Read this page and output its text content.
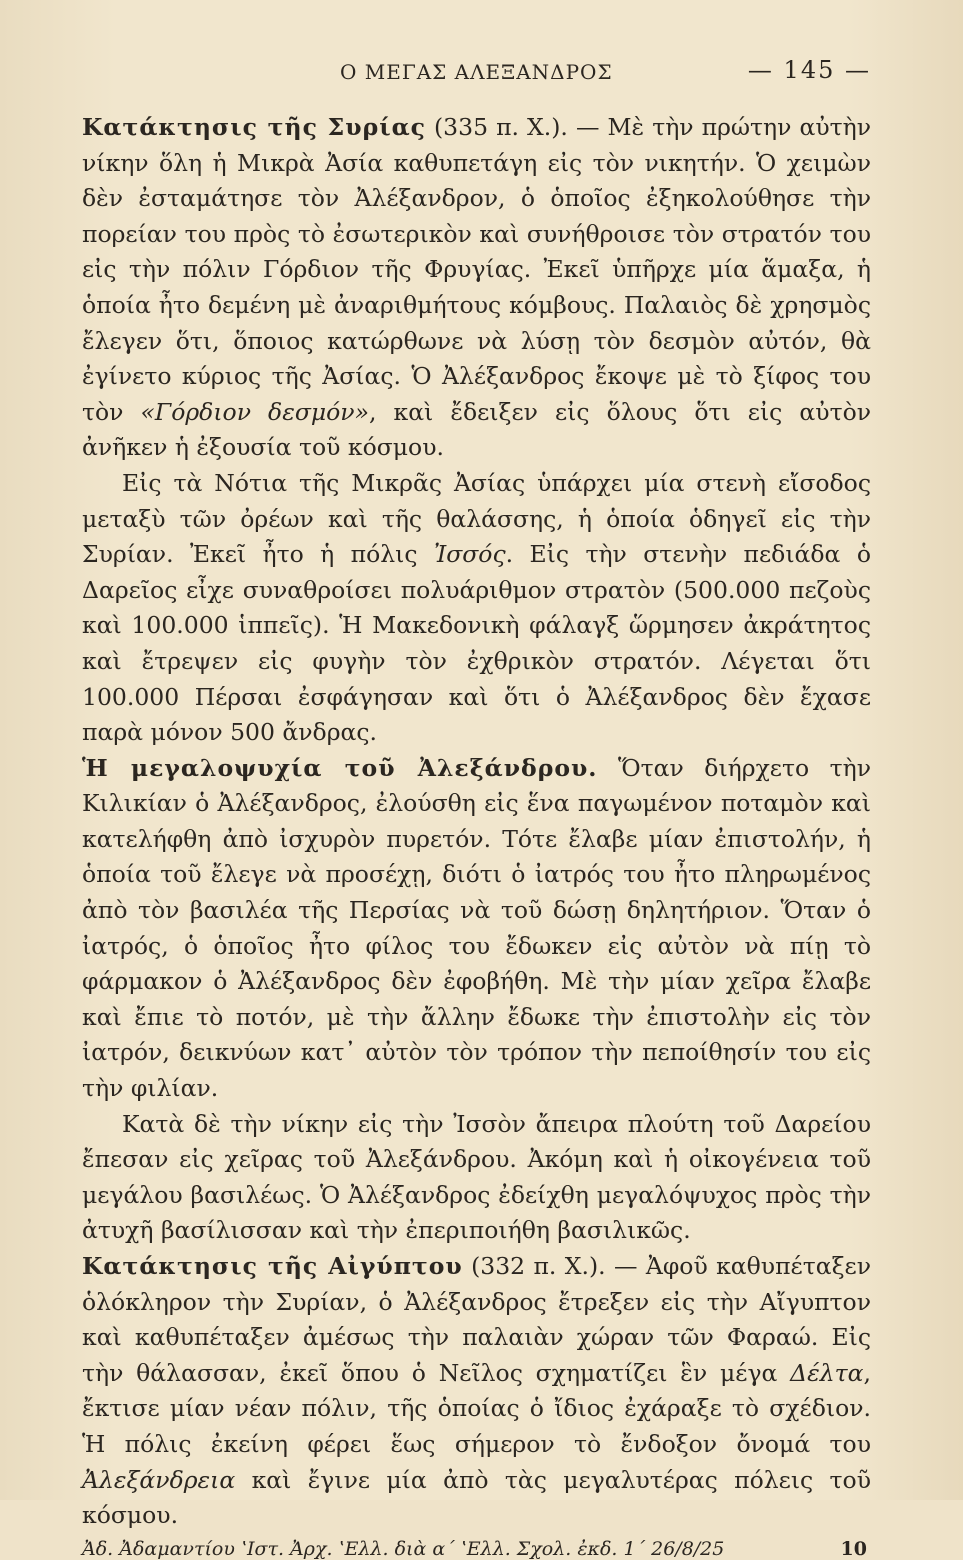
Ο ΜΕΓΑΣ ΑΛΕΞΑΝΔΡΟΣ	— 145 —

Κατάκτησις τῆς Συρίας (335 π. Χ.). — Μὲ τὴν πρώτην αὐτὴν νίκην ὅλη ἡ Μικρὰ Ἀσία καθυπετάγη εἰς τὸν νικητήν. Ὁ χειμὼν δὲν ἐσταμάτησε τὸν Ἀλέξανδρον, ὁ ὁποῖος ἐξηκολούθησε τὴν πορείαν του πρὸς τὸ ἐσωτερικὸν καὶ συνήθροισε τὸν στρατόν του εἰς τὴν πόλιν Γόρδιον τῆς Φρυγίας. Ἐκεῖ ὑπῆρχε μία ἅμαξα, ἡ ὁποία ἦτο δεμένη μὲ ἀναριθμήτους κόμβους. Παλαιὸς δὲ χρησμὸς ἔλεγεν ὅτι, ὅποιος κατώρθωνε νὰ λύσῃ τὸν δεσμὸν αὐτόν, θὰ ἐγίνετο κύριος τῆς Ἀσίας. Ὁ Ἀλέξανδρος ἔκοψε μὲ τὸ ξίφος του τὸν «Γόρδιον δεσμόν», καὶ ἔδειξεν εἰς ὅλους ὅτι εἰς αὐτὸν ἀνῆκεν ἡ ἐξουσία τοῦ κόσμου.

Εἰς τὰ Νότια τῆς Μικρᾶς Ἀσίας ὑπάρχει μία στενὴ εἴσοδος μεταξὺ τῶν ὀρέων καὶ τῆς θαλάσσης, ἡ ὁποία ὁδηγεῖ εἰς τὴν Συρίαν. Ἐκεῖ ἦτο ἡ πόλις Ἰσσός. Εἰς τὴν στενὴν πεδιάδα ὁ Δαρεῖος εἶχε συναθροίσει πολυάριθμον στρατὸν (500.000 πεζοὺς καὶ 100.000 ἱππεῖς). Ἡ Μακεδονικὴ φάλαγξ ὥρμησεν ἀκράτητος καὶ ἔτρεψεν εἰς φυγὴν τὸν ἐχθρικὸν στρατόν. Λέγεται ὅτι 100.000 Πέρσαι ἐσφάγησαν καὶ ὅτι ὁ Ἀλέξανδρος δὲν ἔχασε παρὰ μόνον 500 ἄνδρας.

Ἡ μεγαλοψυχία τοῦ Ἀλεξάνδρου. Ὅταν διήρχετο τὴν Κιλικίαν ὁ Ἀλέξανδρος, ἐλούσθη εἰς ἕνα παγωμένον ποταμὸν καὶ κατελήφθη ἀπὸ ἰσχυρὸν πυρετόν. Τότε ἔλαβε μίαν ἐπιστολήν, ἡ ὁποία τοῦ ἔλεγε νὰ προσέχῃ, διότι ὁ ἰατρός του ἦτο πληρωμένος ἀπὸ τὸν βασιλέα τῆς Περσίας νὰ τοῦ δώσῃ δηλητήριον. Ὅταν ὁ ἰατρός, ὁ ὁποῖος ἦτο φίλος του ἔδωκεν εἰς αὐτὸν νὰ πίῃ τὸ φάρμακον ὁ Ἀλέξανδρος δὲν ἐφοβήθη. Μὲ τὴν μίαν χεῖρα ἔλαβε καὶ ἔπιε τὸ ποτόν, μὲ τὴν ἄλλην ἔδωκε τὴν ἐπιστολὴν εἰς τὸν ἰατρόν, δεικνύων κατ᾽ αὐτὸν τὸν τρόπον τὴν πεποίθησίν του εἰς τὴν φιλίαν.

Κατὰ δὲ τὴν νίκην εἰς τὴν Ἰσσὸν ἄπειρα πλούτη τοῦ Δαρείου ἔπεσαν εἰς χεῖρας τοῦ Ἀλεξάνδρου. Ἀκόμη καὶ ἡ οἰκογένεια τοῦ μεγάλου βασιλέως. Ὁ Ἀλέξανδρος ἐδείχθη μεγαλόψυχος πρὸς τὴν ἀτυχῆ βασίλισσαν καὶ τὴν ἐπεριποιήθη βασιλικῶς.

Κατάκτησις τῆς Αἰγύπτου (332 π. Χ.). — Ἀφοῦ καθυπέταξεν ὁλόκληρον τὴν Συρίαν, ὁ Ἀλέξανδρος ἔτρεξεν εἰς τὴν Αἴγυπτον καὶ καθυπέταξεν ἀμέσως τὴν παλαιὰν χώραν τῶν Φαραώ. Εἰς τὴν θάλασσαν, ἐκεῖ ὅπου ὁ Νεῖλος σχηματίζει ἓν μέγα Δέλτα, ἔκτισε μίαν νέαν πόλιν, τῆς ὁποίας ὁ ἴδιος ἐχάραξε τὸ σχέδιον. Ἡ πόλις ἐκείνη φέρει ἕως σήμερον τὸ ἔνδοξον ὄνομά του Ἀλεξάνδρεια καὶ ἔγινε μία ἀπὸ τὰς μεγαλυτέρας πόλεις τοῦ κόσμου.

Ἀδ. Ἀδαμαντίου ʽΙστ. Ἀρχ. ʽΕλλ. διὰ α΄ ʽΕλλ. Σχολ. ἐκδ. 1΄ 26/8/25	10
